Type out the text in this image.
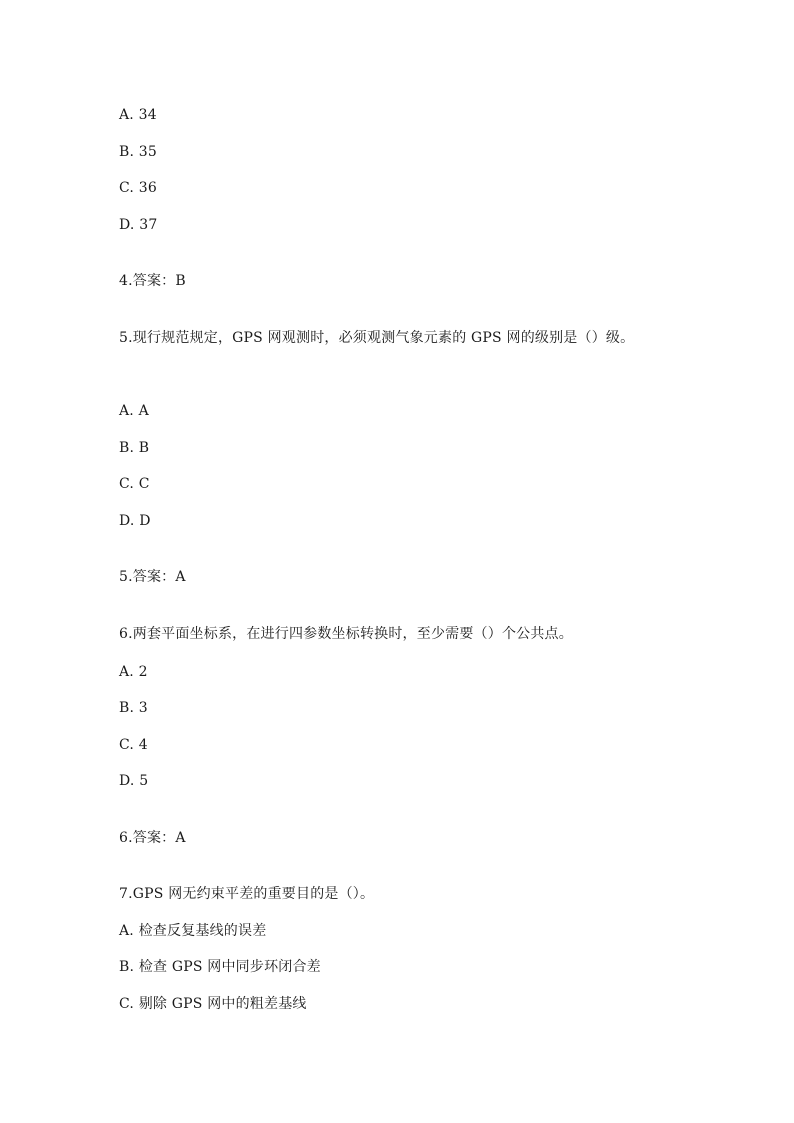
A. 34
B. 35
C. 36
D. 37
4.答案：B
5.现行规范规定，GPS 网观测时，必须观测气象元素的 GPS 网的级别是（）级。
A. A
B. B
C. C
D. D
5.答案：A
6.两套平面坐标系，在进行四参数坐标转换时，至少需要（）个公共点。
A. 2
B. 3
C. 4
D. 5
6.答案：A
7.GPS 网无约束平差的重要目的是（）。
A. 检查反复基线的误差
B. 检查 GPS 网中同步环闭合差
C. 剔除 GPS 网中的粗差基线
